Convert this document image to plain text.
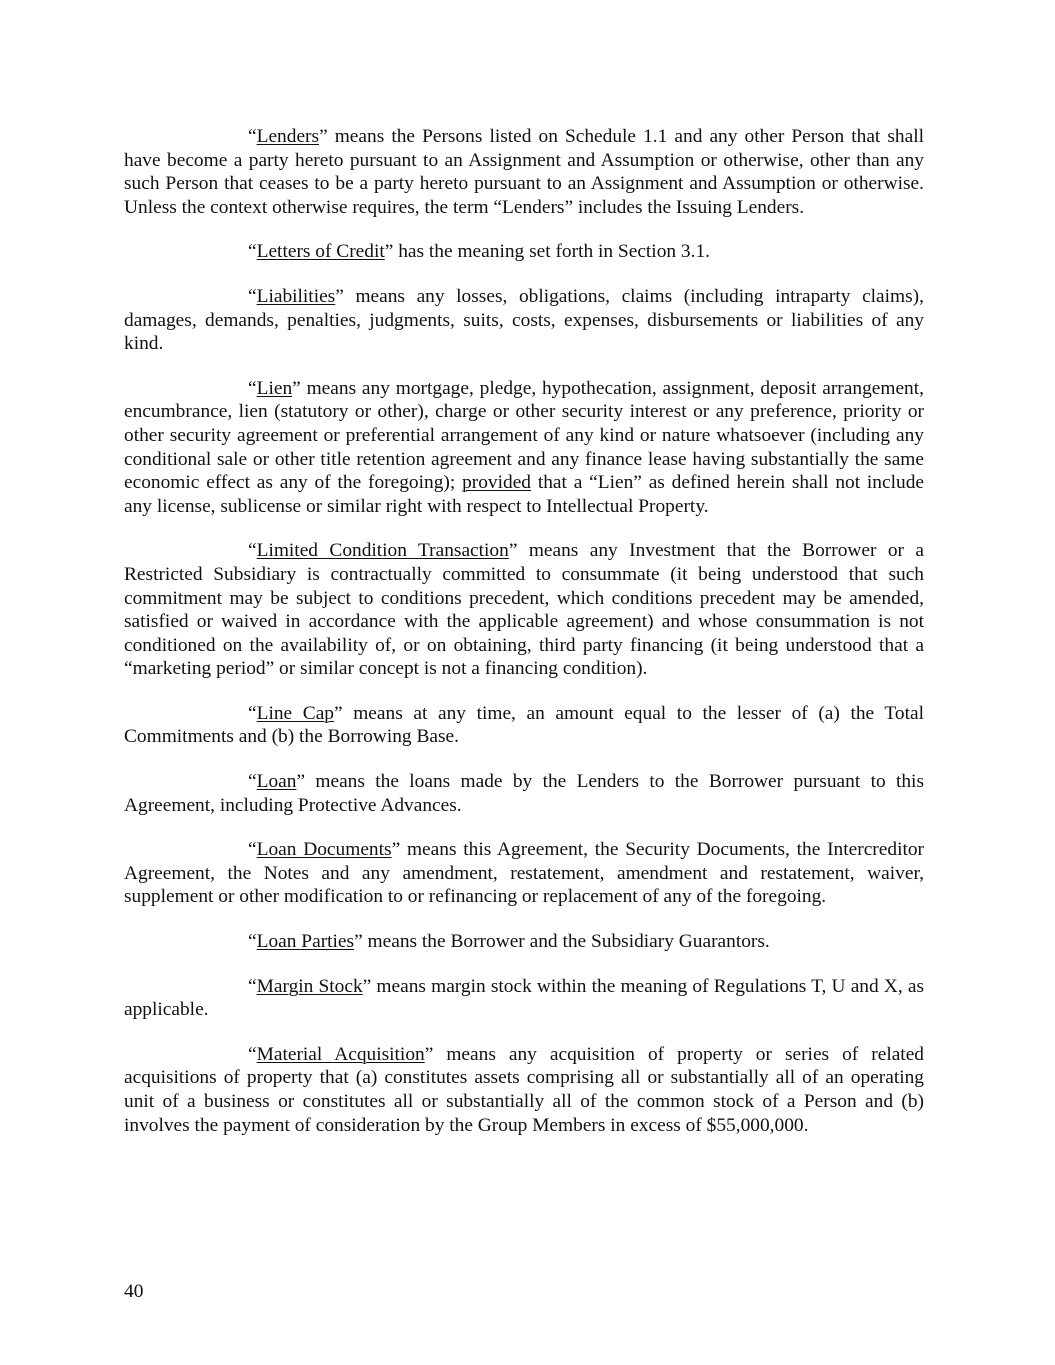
“Lenders” means the Persons listed on Schedule 1.1 and any other Person that shall have become a party hereto pursuant to an Assignment and Assumption or otherwise, other than any such Person that ceases to be a party hereto pursuant to an Assignment and Assumption or otherwise. Unless the context otherwise requires, the term “Lenders” includes the Issuing Lenders.

“Letters of Credit” has the meaning set forth in Section 3.1.

“Liabilities” means any losses, obligations, claims (including intraparty claims), damages, demands, penalties, judgments, suits, costs, expenses, disbursements or liabilities of any kind.

“Lien” means any mortgage, pledge, hypothecation, assignment, deposit arrangement, encumbrance, lien (statutory or other), charge or other security interest or any preference, priority or other security agreement or preferential arrangement of any kind or nature whatsoever (including any conditional sale or other title retention agreement and any finance lease having substantially the same economic effect as any of the foregoing); provided that a “Lien” as defined herein shall not include any license, sublicense or similar right with respect to Intellectual Property.

“Limited Condition Transaction” means any Investment that the Borrower or a Restricted Subsidiary is contractually committed to consummate (it being understood that such commitment may be subject to conditions precedent, which conditions precedent may be amended, satisfied or waived in accordance with the applicable agreement) and whose consummation is not conditioned on the availability of, or on obtaining, third party financing (it being understood that a “marketing period” or similar concept is not a financing condition).

“Line Cap” means at any time, an amount equal to the lesser of (a) the Total Commitments and (b) the Borrowing Base.

“Loan” means the loans made by the Lenders to the Borrower pursuant to this Agreement, including Protective Advances.

“Loan Documents” means this Agreement, the Security Documents, the Intercreditor Agreement, the Notes and any amendment, restatement, amendment and restatement, waiver, supplement or other modification to or refinancing or replacement of any of the foregoing.

“Loan Parties” means the Borrower and the Subsidiary Guarantors.

“Margin Stock” means margin stock within the meaning of Regulations T, U and X, as applicable.

“Material Acquisition” means any acquisition of property or series of related acquisitions of property that (a) constitutes assets comprising all or substantially all of an operating unit of a business or constitutes all or substantially all of the common stock of a Person and (b) involves the payment of consideration by the Group Members in excess of $55,000,000.

40
